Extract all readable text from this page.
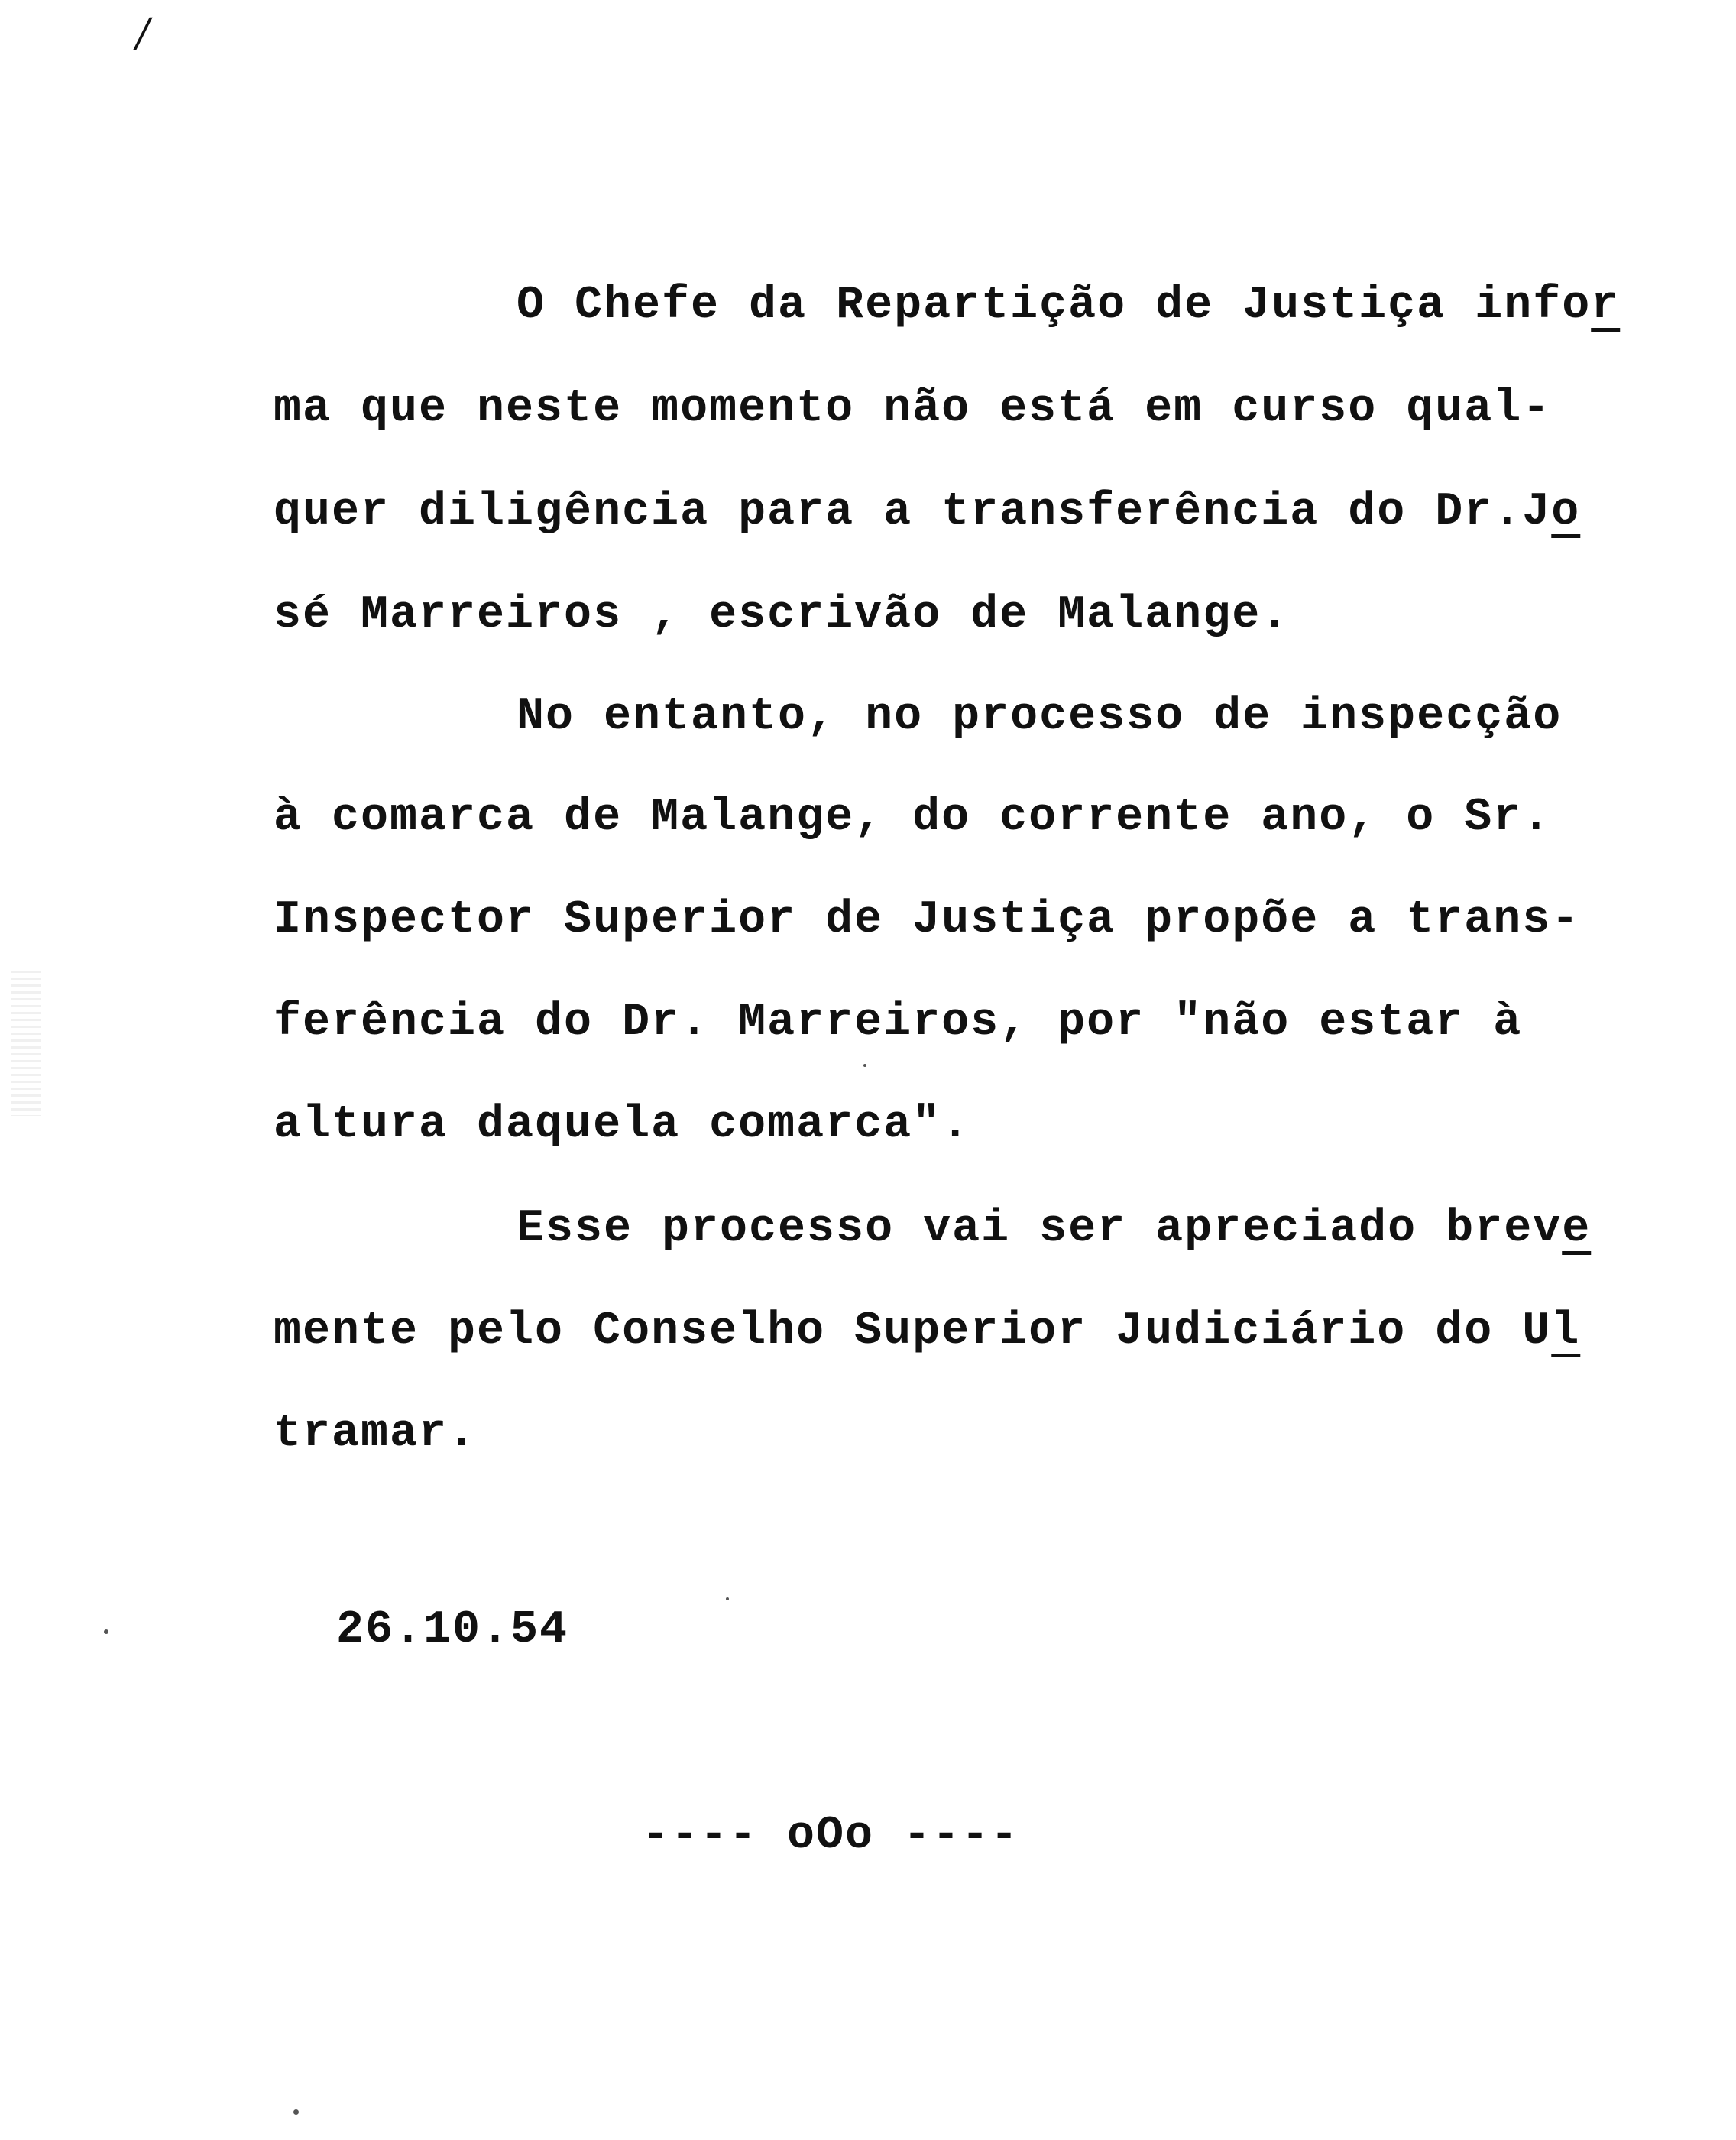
/
O Chefe da Repartição de Justiça infor
ma que neste momento não está em curso qual-
quer diligência para a transferência do Dr.Jo
sé Marreiros , escrivão de Malange.
No entanto, no processo de inspecção
à comarca de Malange, do corrente ano, o Sr.
Inspector Superior de Justiça propõe a trans-
ferência do Dr. Marreiros, por "não estar à
altura daquela comarca".
Esse processo vai ser apreciado breve
mente pelo Conselho Superior Judiciário do Ul
tramar.
26.10.54
---- oOo ----
